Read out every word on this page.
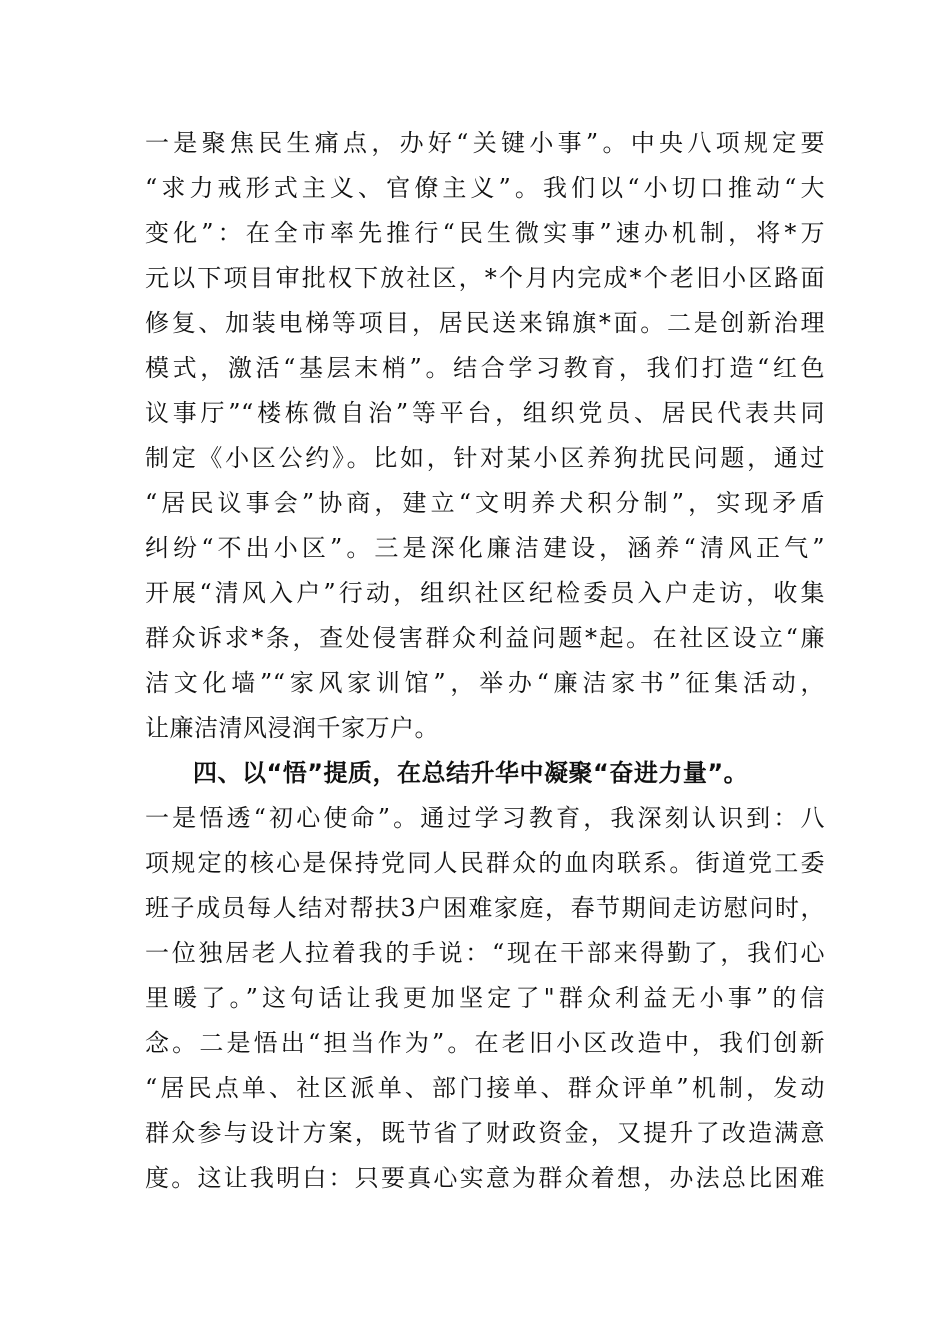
一是聚焦民生痛点，办好“关键小事”。中央八项规定要
“求力戒形式主义、官僚主义”。我们以“小切口推动“大
变化”：在全市率先推行“民生微实事”速办机制，将*万
元以下项目审批权下放社区，*个月内完成*个老旧小区路面
修复、加装电梯等项目，居民送来锦旗*面。二是创新治理
模式，激活“基层末梢”。结合学习教育，我们打造“红色
议事厅”“楼栋微自治”等平台，组织党员、居民代表共同
制定《小区公约》。比如，针对某小区养狗扰民问题，通过
“居民议事会”协商，建立“文明养犬积分制”，实现矛盾
纠纷“不出小区”。三是深化廉洁建设，涵养“清风正气”
开展“清风入户”行动，组织社区纪检委员入户走访，收集
群众诉求*条，查处侵害群众利益问题*起。在社区设立“廉
洁文化墙”“家风家训馆”，举办“廉洁家书”征集活动，
让廉洁清风浸润千家万户。
四、以“悟”提质，在总结升华中凝聚“奋进力量”。
一是悟透“初心使命”。通过学习教育，我深刻认识到：八
项规定的核心是保持党同人民群众的血肉联系。街道党工委
班子成员每人结对帮扶3户困难家庭，春节期间走访慰问时，
一位独居老人拉着我的手说：“现在干部来得勤了，我们心
里暖了。”这句话让我更加坚定了"群众利益无小事”的信
念。二是悟出“担当作为”。在老旧小区改造中，我们创新
“居民点单、社区派单、部门接单、群众评单”机制，发动
群众参与设计方案，既节省了财政资金，又提升了改造满意
度。这让我明白：只要真心实意为群众着想，办法总比困难
